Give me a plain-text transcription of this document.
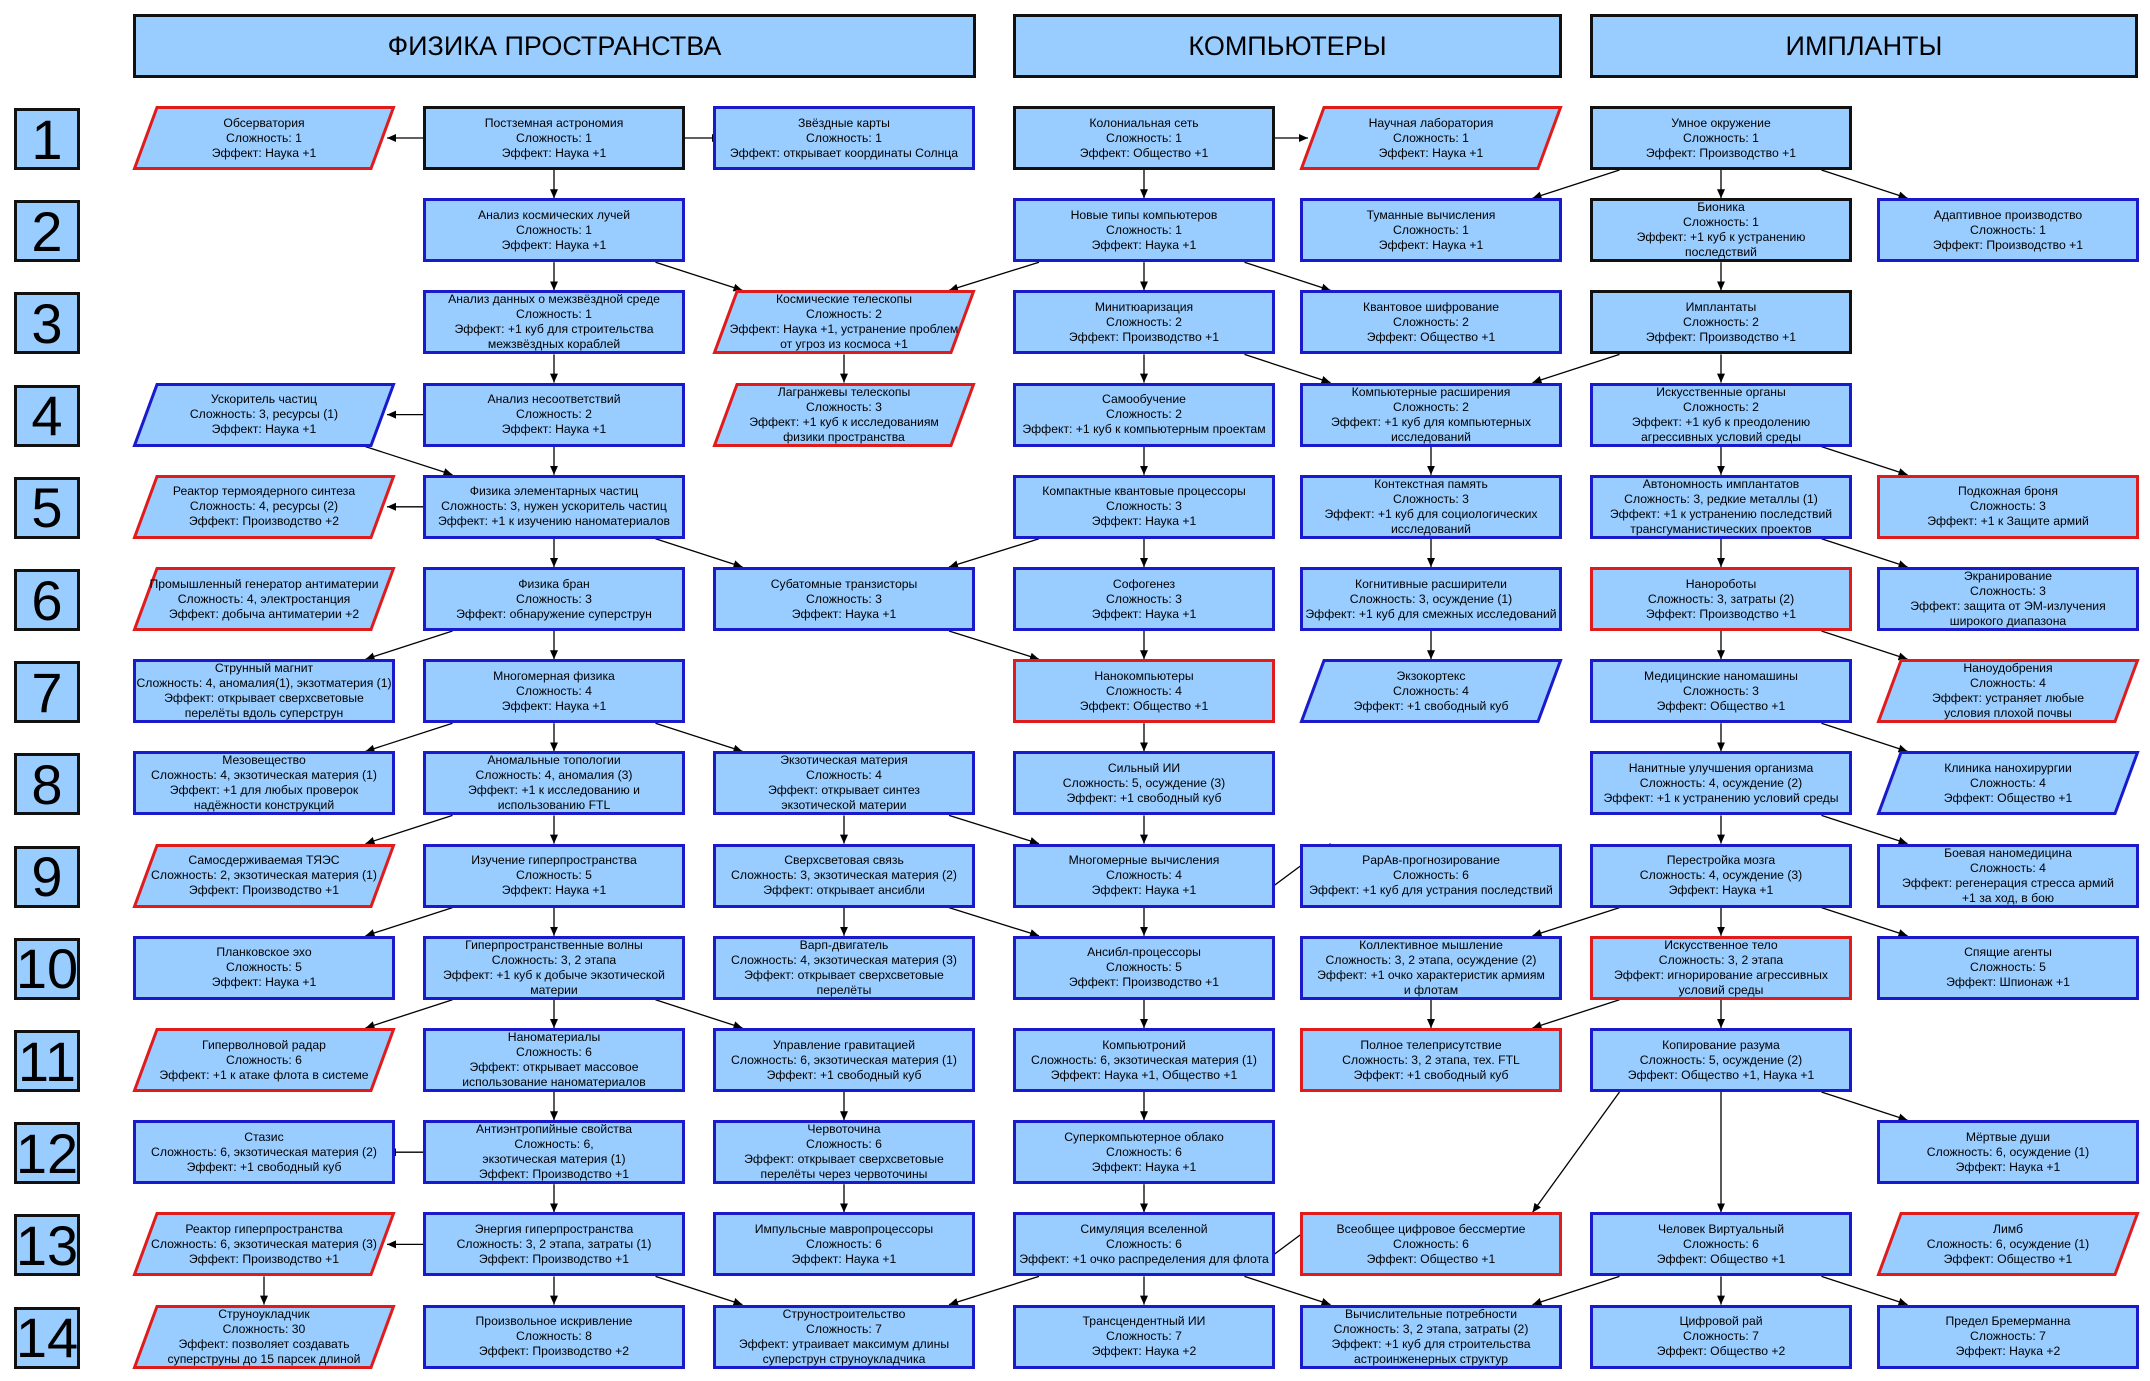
ФИЗИКА ПРОСТРАНСТВА	КОМПЬЮТЕРЫ	ИМПЛАНТЫ
1
2
3
4
5
6
7
8
9
10
11
12
13
14
Обсерватория
Сложность: 1
Эффект: Наука +1
Постземная астрономия
Сложность: 1
Эффект: Наука +1
Звёздные карты
Сложность: 1
Эффект: открывает координаты Солнца
Колониальная сеть
Сложность: 1
Эффект: Общество +1
Научная лаборатория
Сложность: 1
Эффект: Наука +1
Умное окружение
Сложность: 1
Эффект: Производство +1
Анализ космических лучей
Сложность: 1
Эффект: Наука +1
Новые типы компьютеров
Сложность: 1
Эффект: Наука +1
Туманные вычисления
Сложность: 1
Эффект: Наука +1
Бионика
Сложность: 1
Эффект: +1 куб к устранению
последствий
Адаптивное производство
Сложность: 1
Эффект: Производство +1
Анализ данных о межзвёздной среде
Сложность: 1
Эффект: +1 куб для строительства
межзвёздных кораблей
Космические телескопы
Сложность: 2
Эффект: Наука +1, устранение проблем
от угроз из космоса +1
Минитюаризация
Сложность: 2
Эффект: Производство +1
Квантовое шифрование
Сложность: 2
Эффект: Общество +1
Имплантаты
Сложность: 2
Эффект: Производство +1
Ускоритель частиц
Сложность: 3, ресурсы (1)
Эффект: Наука +1
Анализ несоответствий
Сложность: 2
Эффект: Наука +1
Лагранжевы телескопы
Сложность: 3
Эффект: +1 куб к исследованиям
физики пространства
Самообучение
Сложность: 2
Эффект: +1 куб к компьютерным проектам
Компьютерные расширения
Сложность: 2
Эффект: +1 куб для компьютерных
исследований
Искусственные органы
Сложность: 2
Эффект: +1 куб к преодолению
агрессивных условий среды
Реактор термоядерного синтеза
Сложность: 4, ресурсы (2)
Эффект: Производство +2
Физика элементарных частиц
Сложность: 3, нужен ускоритель частиц
Эффект: +1 к изучению наноматериалов
Компактные квантовые процессоры
Сложность: 3
Эффект: Наука +1
Контекстная память
Сложность: 3
Эффект: +1 куб для социологических
исследований
Автономность имплантатов
Сложность: 3, редкие металлы (1)
Эффект: +1 к устранению последствий
трансгуманистических проектов
Подкожная броня
Сложность: 3
Эффект: +1 к Защите армий
Промышленный генератор антиматерии
Сложность: 4, электростанция
Эффект: добыча антиматерии +2
Физика бран
Сложность: 3
Эффект: обнаружение суперструн
Субатомные транзисторы
Сложность: 3
Эффект: Наука +1
Софогенез
Сложность: 3
Эффект: Наука +1
Когнитивные расширители
Сложность: 3, осуждение (1)
Эффект: +1 куб для смежных исследований
Нанороботы
Сложность: 3, затраты (2)
Эффект: Производство +1
Экранирование
Сложность: 3
Эффект: защита от ЭМ-излучения
широкого диапазона
Струнный магнит
Сложность: 4, аномалия(1), экзотматерия (1)
Эффект: открывает сверхсветовые
перелёты вдоль суперструн
Многомерная физика
Сложность: 4
Эффект: Наука +1
Нанокомпьютеры
Сложность: 4
Эффект: Общество +1
Экзокортекс
Сложность: 4
Эффект: +1 свободный куб
Медицинские наномашины
Сложность: 3
Эффект: Общество +1
Наноудобрения
Сложность: 4
Эффект: устраняет любые
условия плохой почвы
Мезовещество
Сложность: 4, экзотическая материя (1)
Эффект: +1 для любых проверок
надёжности конструкций
Аномальные топологии
Сложность: 4, аномалия (3)
Эффект: +1 к исследованию и
использованию FTL
Экзотическая материя
Сложность: 4
Эффект: открывает синтез
экзотической материи
Сильный ИИ
Сложность: 5, осуждение (3)
Эффект: +1 свободный куб
Нанитные улучшения организма
Сложность: 4, осуждение (2)
Эффект: +1 к устранению условий среды
Клиника нанохирургии
Сложность: 4
Эффект: Общество +1
Самосдерживаемая ТЯЭС
Сложность: 2, экзотическая материя (1)
Эффект: Производство +1
Изучение гиперпространства
Сложность: 5
Эффект: Наука +1
Сверхсветовая связь
Сложность: 3, экзотическая материя (2)
Эффект: открывает ансибли
Многомерные вычисления
Сложность: 4
Эффект: Наука +1
PapAв-прогнозирование
Сложность: 6
Эффект: +1 куб для устрания последствий
Перестройка мозга
Сложность: 4, осуждение (3)
Эффект: Наука +1
Боевая наномедицина
Сложность: 4
Эффект: регенерация стресса армий
+1 за ход, в бою
Планковское эхо
Сложность: 5
Эффект: Наука +1
Гиперпространственные волны
Сложность: 3, 2 этапа
Эффект: +1 куб к добыче экзотической
материи
Варп-двигатель
Сложность: 4, экзотическая материя (3)
Эффект: открывает сверхсветовые
перелёты
Ансибл-процессоры
Сложность: 5
Эффект: Производство +1
Коллективное мышление
Сложность: 3, 2 этапа, осуждение (2)
Эффект: +1 очко характеристик армиям
и флотам
Искусственное тело
Сложность: 3, 2 этапа
Эффект: игнорирование агрессивных
условий среды
Спящие агенты
Сложность: 5
Эффект: Шпионаж +1
Гиперволновой радар
Сложность: 6
Эффект: +1 к атаке флота в системе
Наноматериалы
Сложность: 6
Эффект: открывает массовое
использование наноматериалов
Управление гравитацией
Сложность: 6, экзотическая материя (1)
Эффект: +1 свободный куб
Компьютроний
Сложность: 6, экзотическая материя (1)
Эффект: Наука +1, Общество +1
Полное телеприсутствие
Сложность: 3, 2 этапа, тех. FTL
Эффект: +1 свободный куб
Копирование разума
Сложность: 5, осуждение (2)
Эффект: Общество +1, Наука +1
Стазис
Сложность: 6, экзотическая материя (2)
Эффект: +1 свободный куб
Антиэнтропийные свойства
Сложность: 6,
экзотическая материя (1)
Эффект: Производство +1
Червоточина
Сложность: 6
Эффект: открывает сверхсветовые
перелёты через червоточины
Суперкомпьютерное облако
Сложность: 6
Эффект: Наука +1
Мёртвые души
Сложность: 6, осуждение (1)
Эффект: Наука +1
Реактор гиперпространства
Сложность: 6, экзотическая материя (3)
Эффект: Производство +1
Энергия гиперпространства
Сложность: 3, 2 этапа, затраты (1)
Эффект: Производство +1
Импульсные мавропроцессоры
Сложность: 6
Эффект: Наука +1
Симуляция вселенной
Сложность: 6
Эффект: +1 очко распределения для флота
Всеобщее цифровое бессмертие
Сложность: 6
Эффект: Общество +1
Человек Виртуальный
Сложность: 6
Эффект: Общество +1
Лимб
Сложность: 6, осуждение (1)
Эффект: Общество +1
Струноукладчик
Сложность: 30
Эффект: позволяет создавать
суперструны до 15 парсек длиной
Произвольное искривление
Сложность: 8
Эффект: Производство +2
Струностроительство
Сложность: 7
Эффект: утраивает максимум длины
суперструн струноукладчика
Трансцендентный ИИ
Сложность: 7
Эффект: Наука +2
Вычислительные потребности
Сложность: 3, 2 этапа, затраты (2)
Эффект: +1 куб для строительства
астроинженерных структур
Цифровой рай
Сложность: 7
Эффект: Общество +2
Предел Бремерманна
Сложность: 7
Эффект: Наука +2
